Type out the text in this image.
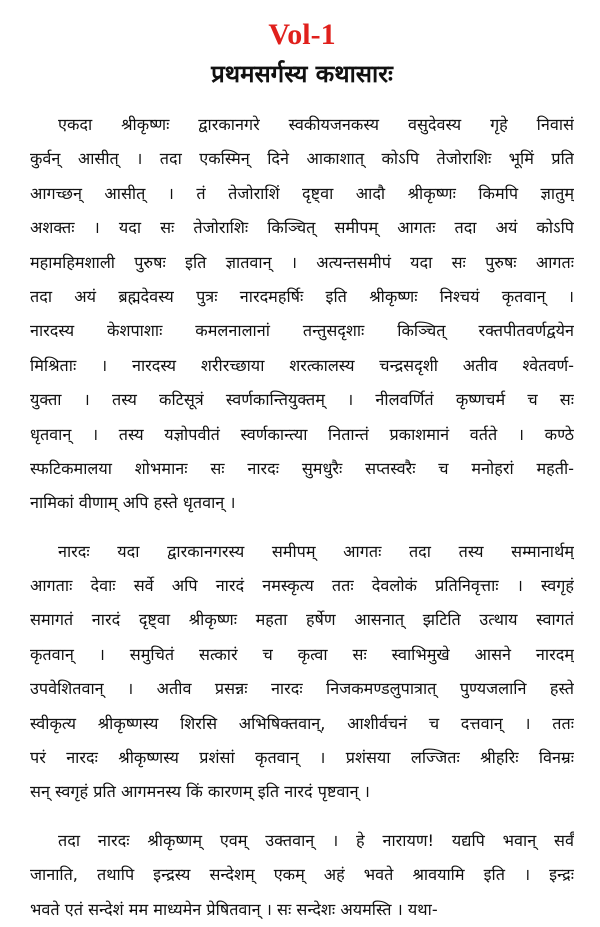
Vol-1
प्रथमसर्गस्य कथासारः
एकदा श्रीकृष्णः द्वारकानगरे स्वकीयजनकस्य वसुदेवस्य गृहे निवासं
कुर्वन् आसीत् । तदा एकस्मिन् दिने आकाशात् कोऽपि तेजोराशिः भूमिं प्रति
आगच्छन् आसीत् । तं तेजोराशिं दृष्ट्वा आदौ श्रीकृष्णः किमपि ज्ञातुम्
अशक्तः । यदा सः तेजोराशिः किञ्चित् समीपम् आगतः तदा अयं कोऽपि
महामहिमशाली पुरुषः इति ज्ञातवान् । अत्यन्तसमीपं यदा सः पुरुषः आगतः
तदा अयं ब्रह्मदेवस्य पुत्रः नारदमहर्षिः इति श्रीकृष्णः निश्चयं कृतवान् ।
नारदस्य केशपाशाः कमलनालानां तन्तुसदृशाः किञ्चित् रक्तपीतवर्णद्वयेन
मिश्रिताः । नारदस्य शरीरच्छाया शरत्कालस्य चन्द्रसदृशी अतीव श्वेतवर्ण-
युक्ता । तस्य कटिसूत्रं स्वर्णकान्तियुक्तम् । नीलवर्णितं कृष्णचर्म च सः
धृतवान् । तस्य यज्ञोपवीतं स्वर्णकान्त्या नितान्तं प्रकाशमानं वर्तते । कण्ठे
स्फटिकमालया शोभमानः सः नारदः सुमधुरैः सप्तस्वरैः च मनोहरां महती-
नामिकां वीणाम् अपि हस्ते धृतवान् ।
नारदः यदा द्वारकानगरस्य समीपम् आगतः तदा तस्य सम्मानार्थम्
आगताः देवाः सर्वे अपि नारदं नमस्कृत्य ततः देवलोकं प्रतिनिवृत्ताः । स्वगृहं
समागतं नारदं दृष्ट्वा श्रीकृष्णः महता हर्षेण आसनात् झटिति उत्थाय स्वागतं
कृतवान् । समुचितं सत्कारं च कृत्वा सः स्वाभिमुखे आसने नारदम्
उपवेशितवान् । अतीव प्रसन्नः नारदः निजकमण्डलुपात्रात् पुण्यजलानि हस्ते
स्वीकृत्य श्रीकृष्णस्य शिरसि अभिषिक्तवान्, आशीर्वचनं च दत्तवान् । ततः
परं नारदः श्रीकृष्णस्य प्रशंसां कृतवान् । प्रशंसया लज्जितः श्रीहरिः विनम्रः
सन् स्वगृहं प्रति आगमनस्य किं कारणम् इति नारदं पृष्टवान् ।
तदा नारदः श्रीकृष्णम् एवम् उक्तवान् । हे नारायण! यद्यपि भवान् सर्वं
जानाति, तथापि इन्द्रस्य सन्देशम् एकम् अहं भवते श्रावयामि इति । इन्द्रः
भवते एतं सन्देशं मम माध्यमेन प्रेषितवान् । सः सन्देशः अयमस्ति । यथा-
